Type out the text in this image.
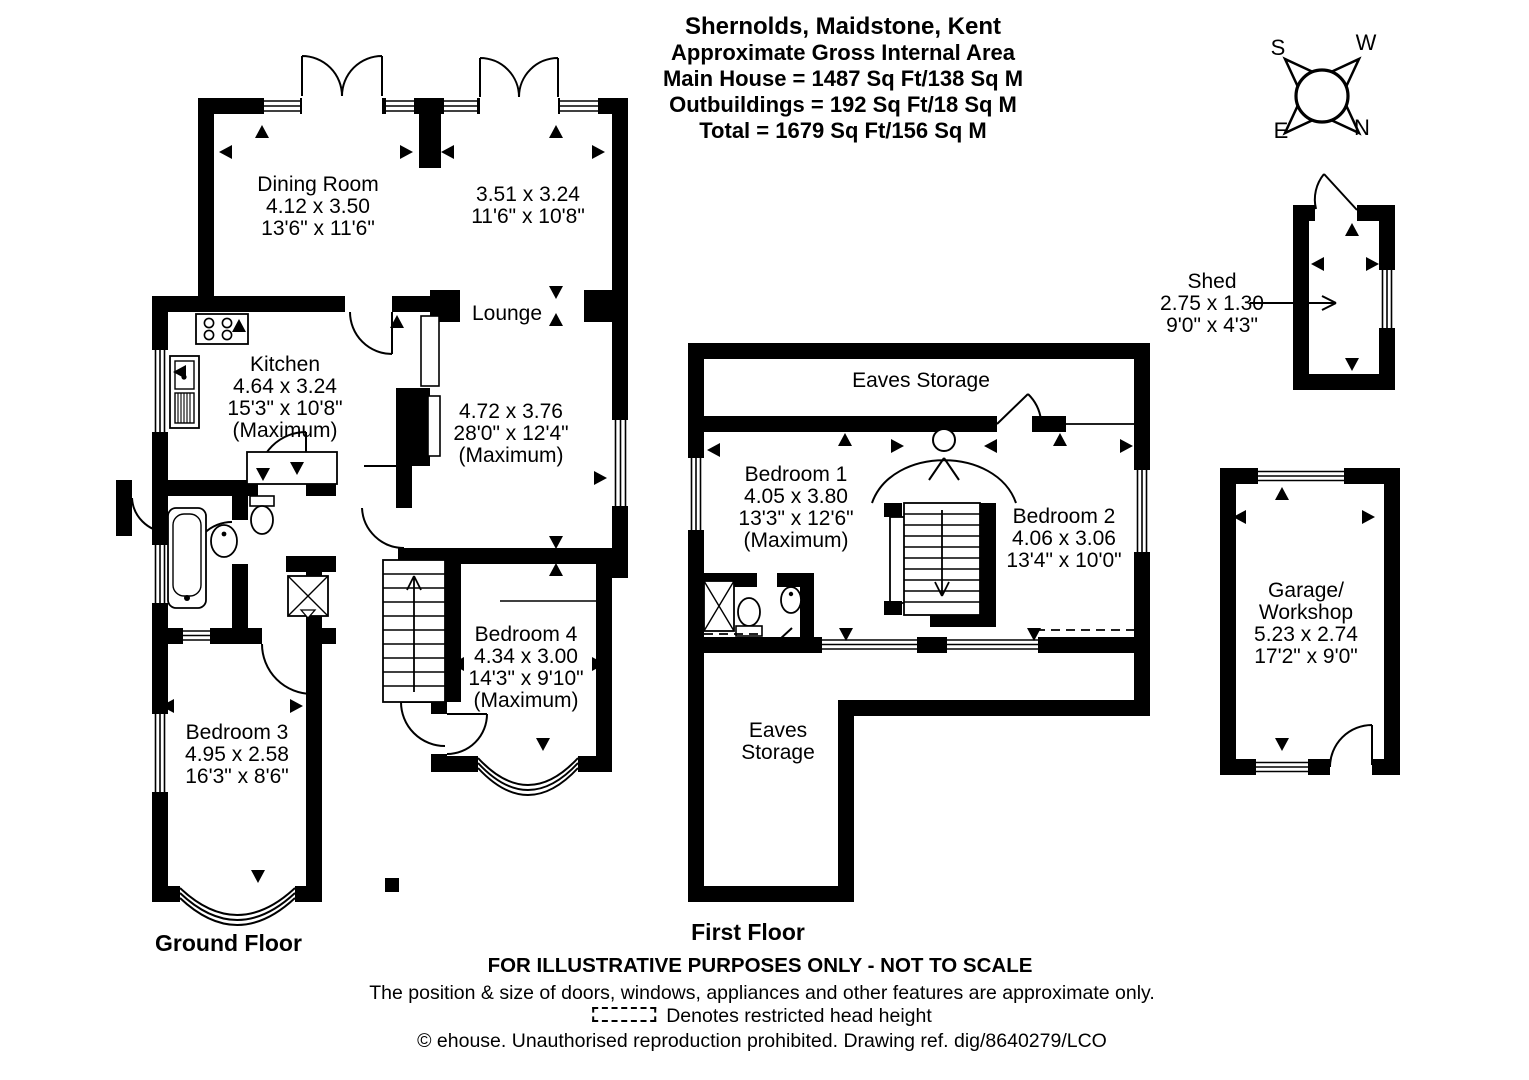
Shernolds, Maidstone, Kent
Approximate Gross Internal Area
Main House = 1487 Sq Ft/138 Sq M
Outbuildings = 192 Sq Ft/18 Sq M
Total = 1679 Sq Ft/156 Sq M
S	W
E	N
Dining Room
4.12 x 3.50
13'6" x 11'6"
3.51 x 3.24
11'6" x 10'8"
Lounge
4.72 x 3.76
28'0" x 12'4"
(Maximum)
Kitchen
4.64 x 3.24
15'3" x 10'8"
(Maximum)
Bedroom 4
4.34 x 3.00
14'3" x 9'10"
(Maximum)
Bedroom 3
4.95 x 2.58
16'3" x 8'6"
Eaves Storage
Bedroom 1
4.05 x 3.80
13'3" x 12'6"
(Maximum)
Bedroom 2
4.06 x 3.06
13'4" x 10'0"
Eaves
Storage
Shed
2.75 x 1.30
9'0" x 4'3"
Garage/
Workshop
5.23 x 2.74
17'2" x 9'0"
Ground Floor	First Floor
FOR ILLUSTRATIVE PURPOSES ONLY - NOT TO SCALE
The position & size of doors, windows, appliances and other features are approximate only.
Denotes restricted head height
© ehouse. Unauthorised reproduction prohibited. Drawing ref. dig/8640279/LCO
